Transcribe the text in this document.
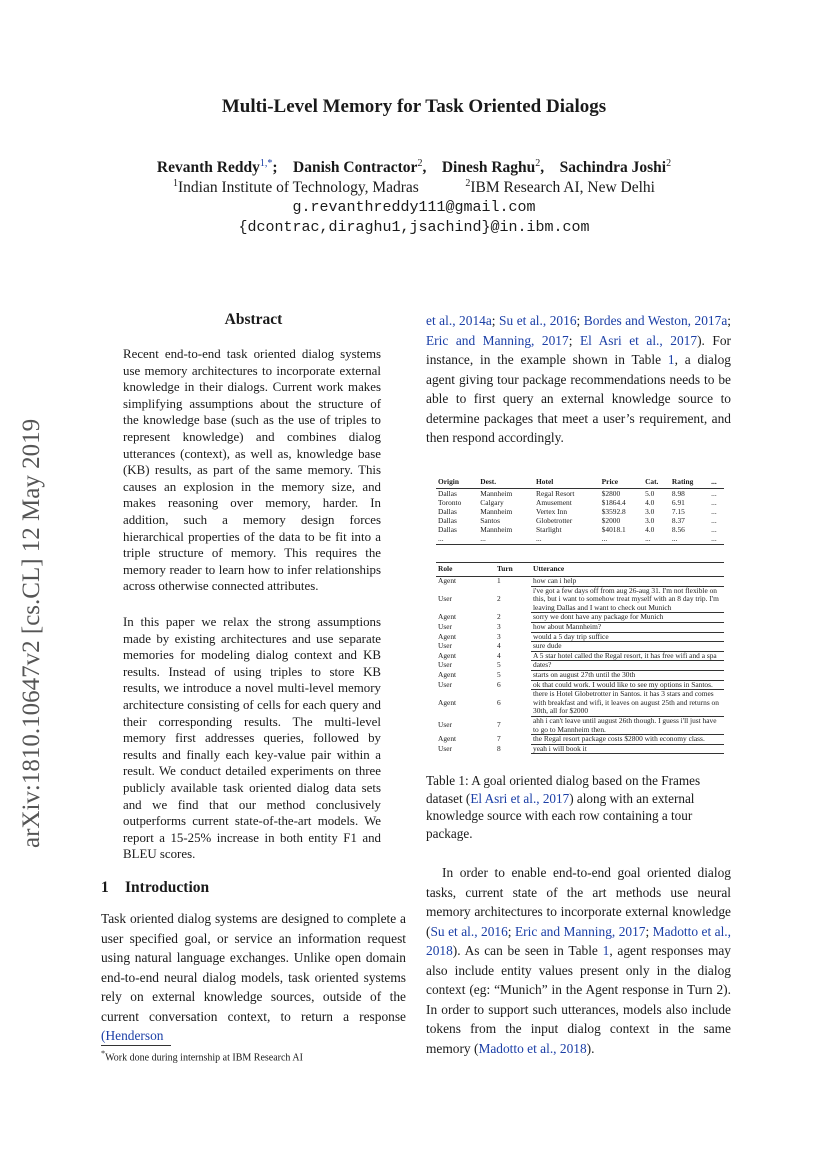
Multi-Level Memory for Task Oriented Dialogs
Revanth Reddy$^{1,*}$; Danish Contractor$^2$, Dinesh Raghu$^2$, Sachindra Joshi$^2$
$^1$Indian Institute of Technology, Madras	$^2$IBM Research AI, New Delhi
g.revanthreddy111@gmail.com
{dcontrac,diraghu1,jsachind}@in.ibm.com
arXiv:1810.10647v2 [cs.CL] 12 May 2019
Abstract
Recent end-to-end task oriented dialog systems use memory architectures to incorporate external knowledge in their dialogs. Current work makes simplifying assumptions about the structure of the knowledge base (such as the use of triples to represent knowledge) and combines dialog utterances (context), as well as, knowledge base (KB) results, as part of the same memory. This causes an explosion in the memory size, and makes reasoning over memory, harder. In addition, such a memory design forces hierarchical properties of the data to be fit into a triple structure of memory. This requires the memory reader to learn how to infer relationships across otherwise connected attributes.
In this paper we relax the strong assumptions made by existing architectures and use separate memories for modeling dialog context and KB results. Instead of using triples to store KB results, we introduce a novel multi-level memory architecture consisting of cells for each query and their corresponding results. The multi-level memory first addresses queries, followed by results and finally each key-value pair within a result. We conduct detailed experiments on three publicly available task oriented dialog data sets and we find that our method conclusively outperforms current state-of-the-art models. We report a 15-25% increase in both entity F1 and BLEU scores.
1 Introduction
Task oriented dialog systems are designed to complete a user specified goal, or service an information request using natural language exchanges. Unlike open domain end-to-end neural dialog models, task oriented systems rely on external knowledge sources, outside of the current conversation context, to return a response (Henderson
*Work done during internship at IBM Research AI
et al., 2014a; Su et al., 2016; Bordes and Weston, 2017a; Eric and Manning, 2017; El Asri et al., 2017). For instance, in the example shown in Table 1, a dialog agent giving tour package recommendations needs to be able to first query an external knowledge source to determine packages that meet a user’s requirement, and then respond accordingly.
Origin	Dest.	Hotel	Price	Cat.	Rating	...
Dallas	Mannheim	Regal Resort	$2800	5.0	8.98	...
Toronto	Calgary	Amusement	$1864.4	4.0	6.91	...
Dallas	Mannheim	Vertex Inn	$3592.8	3.0	7.15	...
Dallas	Santos	Globetrotter	$2000	3.0	8.37	...
Dallas	Mannheim	Starlight	$4018.1	4.0	8.56	...
...	...	...	...	...	...	...
Role	Turn	Utterance
Agent	1	how can i help
User	2	i've got a few days off from aug 26-aug 31. I'm not flexible on this, but i want to somehow treat myself with an 8 day trip. I'm leaving Dallas and I want to check out Munich
Agent	2	sorry we dont have any package for Munich
User	3	how about Mannheim?
Agent	3	would a 5 day trip suffice
User	4	sure dude
Agent	4	A 5 star hotel called the Regal resort, it has free wifi and a spa
User	5	dates?
Agent	5	starts on august 27th until the 30th
User	6	ok that could work. I would like to see my options in Santos.
Agent	6	there is Hotel Globetrotter in Santos. it has 3 stars and comes with breakfast and wifi, it leaves on august 25th and returns on 30th, all for $2000
User	7	ahh i can't leave until august 26th though. I guess i'll just have to go to Mannheim then.
Agent	7	the Regal resort package costs $2800 with economy class.
User	8	yeah i will book it
Table 1: A goal oriented dialog based on the Frames dataset (El Asri et al., 2017) along with an external knowledge source with each row containing a tour package.
In order to enable end-to-end goal oriented dialog tasks, current state of the art methods use neural memory architectures to incorporate external knowledge (Su et al., 2016; Eric and Manning, 2017; Madotto et al., 2018). As can be seen in Table 1, agent responses may also include entity values present only in the dialog context (eg: “Munich” in the Agent response in Turn 2). In order to support such utterances, models also include tokens from the input dialog context in the same memory (Madotto et al., 2018).
